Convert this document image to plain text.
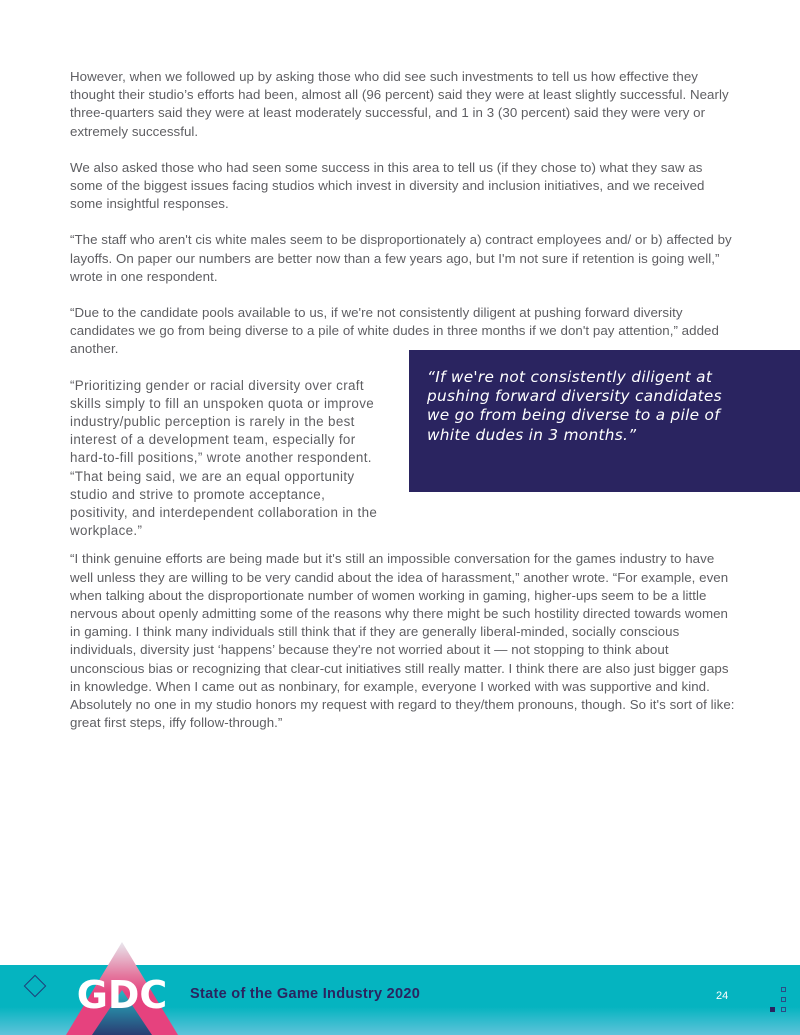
However, when we followed up by asking those who did see such investments to tell us how effective they thought their studio’s efforts had been, almost all (96 percent) said they were at least slightly successful. Nearly three-quarters said they were at least moderately successful, and 1 in 3 (30 percent) said they were very or extremely successful.

We also asked those who had seen some success in this area to tell us (if they chose to) what they saw as some of the biggest issues facing studios which invest in diversity and inclusion initiatives, and we received some insightful responses.

“The staff who aren't cis white males seem to be disproportionately a) contract employees and/ or b) affected by layoffs. On paper our numbers are better now than a few years ago, but I'm not sure if retention is going well,” wrote in one respondent.

“Due to the candidate pools available to us, if we're not consistently diligent at pushing forward diversity candidates we go from being diverse to a pile of white dudes in three months if we don't pay attention,” added another.

“Prioritizing gender or racial diversity over craft skills simply to fill an unspoken quota or improve industry/public perception is rarely in the best interest of a development team, especially for hard-to-fill positions,” wrote another respondent. “That being said, we are an equal opportunity studio and strive to promote acceptance, positivity, and interdependent collaboration in the workplace.”

“I think genuine efforts are being made but it's still an impossible conversation for the games industry to have well unless they are willing to be very candid about the idea of harassment,” another wrote. “For example, even when talking about the disproportionate number of women working in gaming, higher-ups seem to be a little nervous about openly admitting some of the reasons why there might be such hostility directed towards women in gaming. I think many individuals still think that if they are generally liberal-minded, socially conscious individuals, diversity just ‘happens’ because they're not worried about it — not stopping to think about unconscious bias or recognizing that clear-cut initiatives still really matter. I think there are also just bigger gaps in knowledge. When I came out as nonbinary, for example, everyone I worked with was supportive and kind. Absolutely no one in my studio honors my request with regard to they/them pronouns, though. So it's sort of like: great first steps, iffy follow-through.”

“If we're not consistently diligent at pushing forward diversity candidates we go from being diverse to a pile of white dudes in 3 months.”

State of the Game Industry 2020	24
GDC
